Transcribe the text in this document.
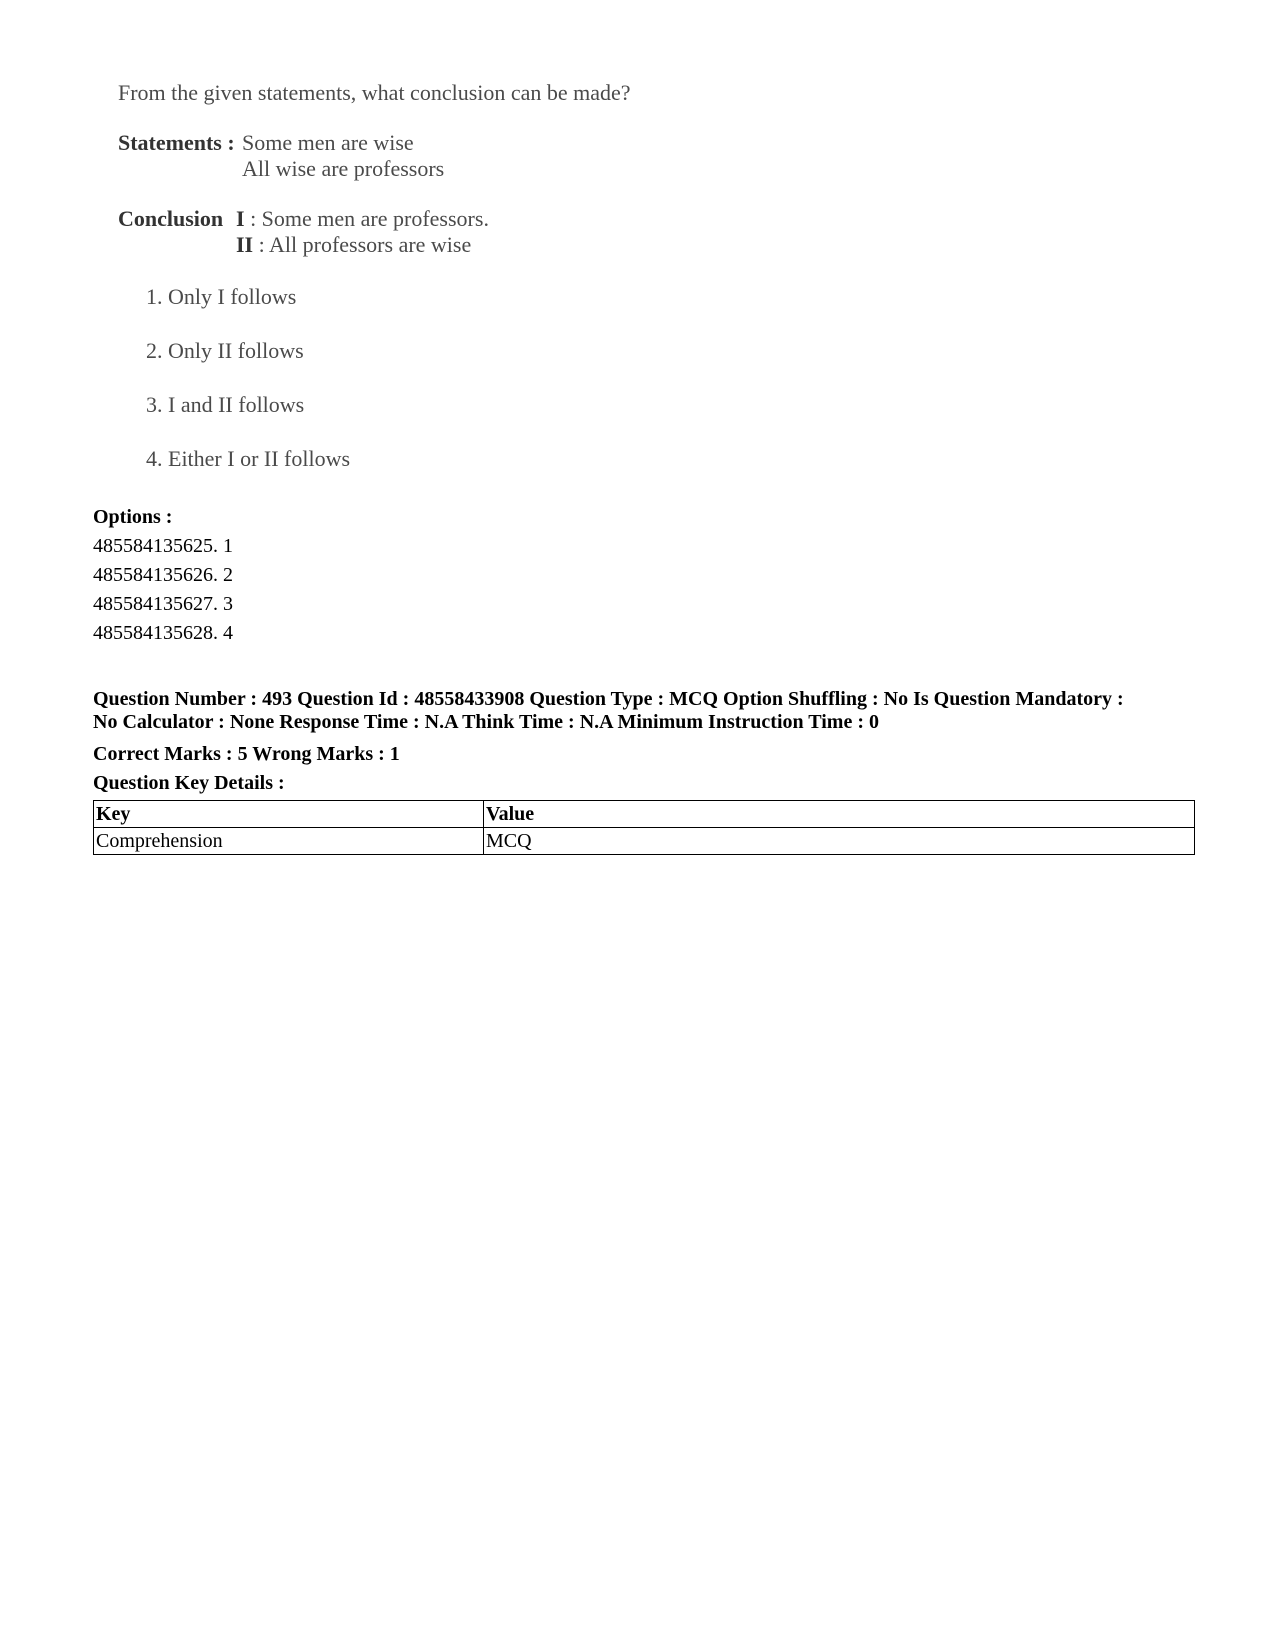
From the given statements, what conclusion can be made?
Statements : Some men are wise
All wise are professors
Conclusion I : Some men are professors.
II : All professors are wise
1. Only I follows
2. Only II follows
3. I and II follows
4. Either I or II follows
Options :
485584135625. 1
485584135626. 2
485584135627. 3
485584135628. 4
Question Number : 493 Question Id : 48558433908 Question Type : MCQ Option Shuffling : No Is Question Mandatory :
No Calculator : None Response Time : N.A Think Time : N.A Minimum Instruction Time : 0
Correct Marks : 5 Wrong Marks : 1
Question Key Details :
Key	Value
Comprehension	MCQ
